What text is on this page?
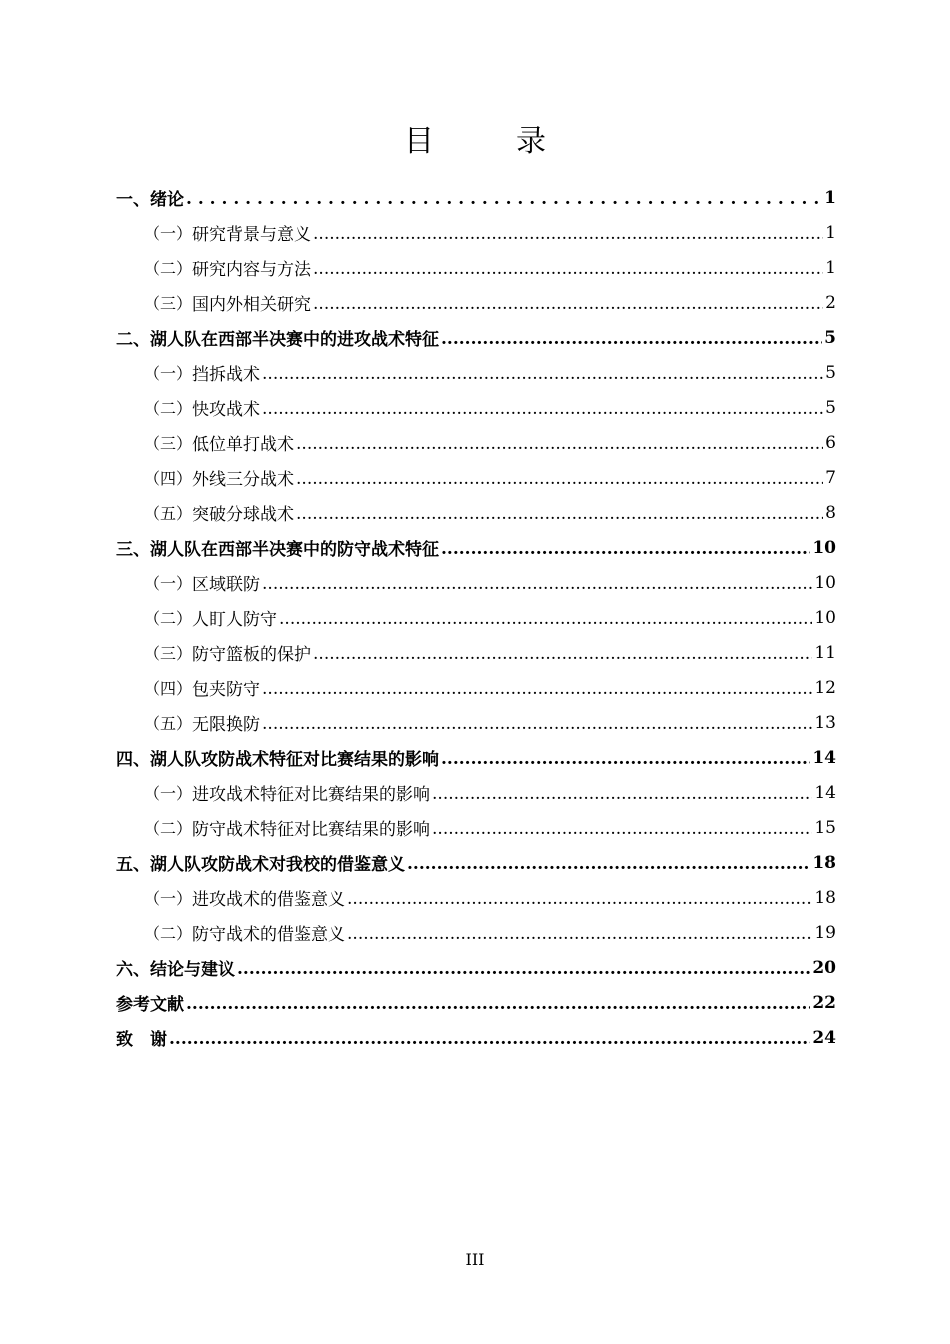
目　录
一、 绪论 . . .	1
（一） 研究背景与意义 .....	1
（二） 研究内容与方法 .....	1
（三） 国内外相关研究 .....	2
二、 湖人队在西部半决赛中的进攻战术特征 .....	5
（一） 挡拆战术 .....	5
（二） 快攻战术 .....	5
（三） 低位单打战术 .....	6
（四） 外线三分战术 .....	7
（五） 突破分球战术 .....	8
三、 湖人队在西部半决赛中的防守战术特征 .....	10
（一） 区域联防 .....	10
（二） 人盯人防守 .....	10
（三） 防守篮板的保护 .....	11
（四） 包夹防守 .....	12
（五） 无限换防 .....	13
四、 湖人队攻防战术特征对比赛结果的影响 .....	14
（一） 进攻战术特征对比赛结果的影响 .....	14
（二） 防守战术特征对比赛结果的影响 .....	15
五、 湖人队攻防战术对我校的借鉴意义 .....	18
（一） 进攻战术的借鉴意义 .....	18
（二） 防守战术的借鉴意义 .....	19
六、结论与建议 .....	20
参考文献 .....	22
致　谢 .....	24
III
